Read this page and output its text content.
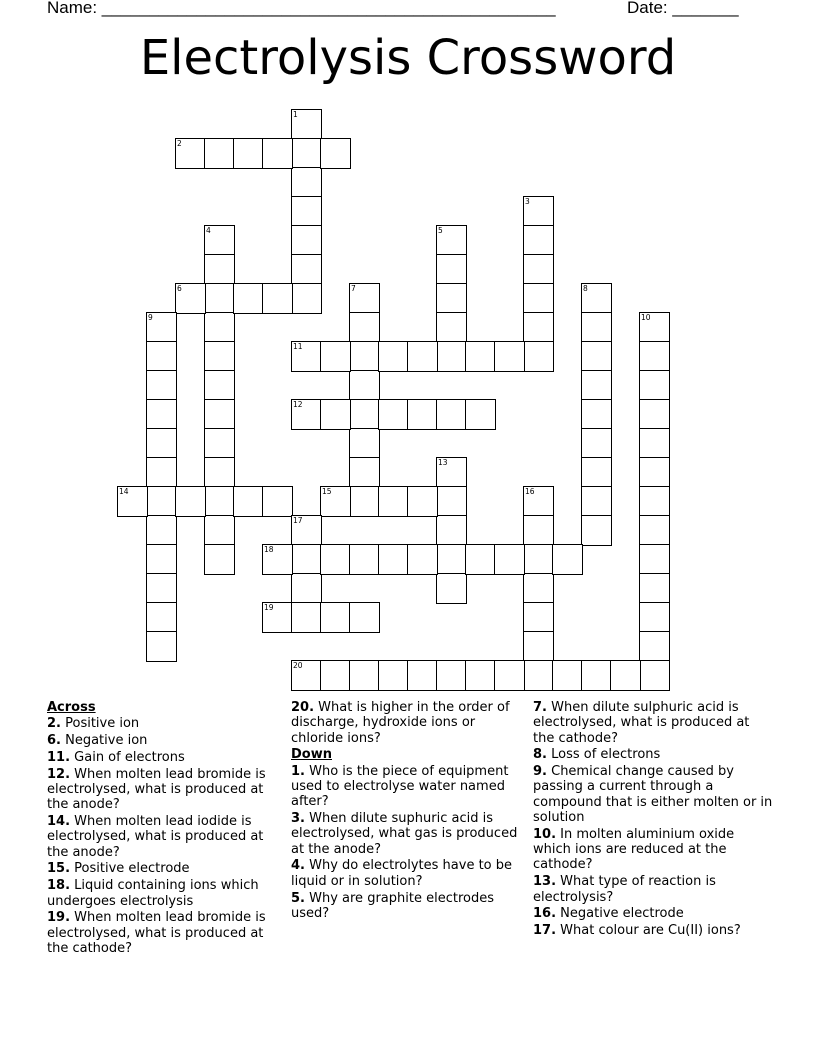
Name: ________________________________________________	Date: _______
Electrolysis Crossword
1
2
3
4	5
6	7	8
9	10
11
12
13
14	15	16
17
18
19
20

Across

2. Positive ion

6. Negative ion

11. Gain of electrons

12. When molten lead bromide is electrolysed, what is produced at the anode?

14. When molten lead iodide is electrolysed, what is produced at the anode?

15. Positive electrode

18. Liquid containing ions which undergoes electrolysis

19. When molten lead bromide is electrolysed, what is produced at the cathode?

20. What is higher in the order of discharge, hydroxide ions or chloride ions?

Down

1. Who is the piece of equipment used to electrolyse water named after?

3. When dilute suphuric acid is electrolysed, what gas is produced at the anode?

4. Why do electrolytes have to be liquid or in solution?

5. Why are graphite electrodes used?

7. When dilute sulphuric acid is electrolysed, what is produced at the cathode?

8. Loss of electrons

9. Chemical change caused by passing a current through a compound that is either molten or in solution

10. In molten aluminium oxide which ions are reduced at the cathode?

13. What type of reaction is electrolysis?

16. Negative electrode

17. What colour are Cu(II) ions?
